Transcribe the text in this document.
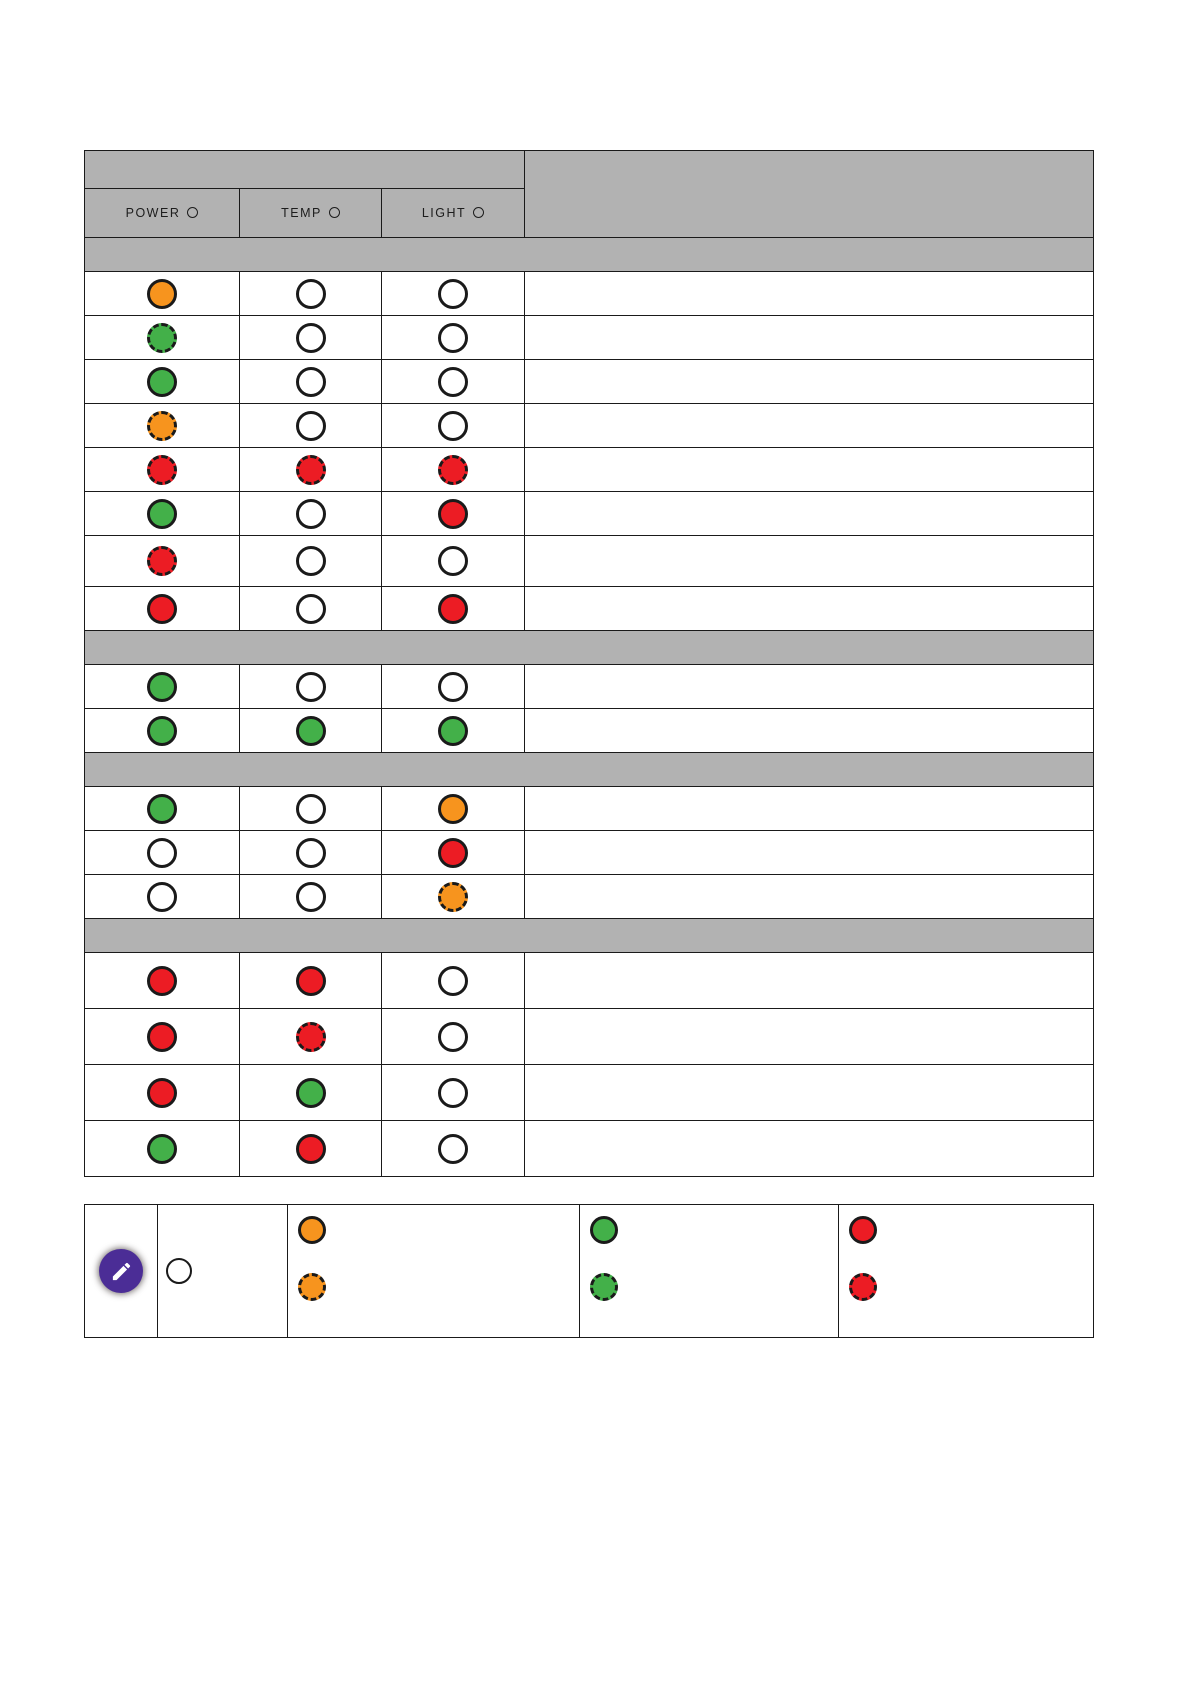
POWER	TEMP	LIGHT	
